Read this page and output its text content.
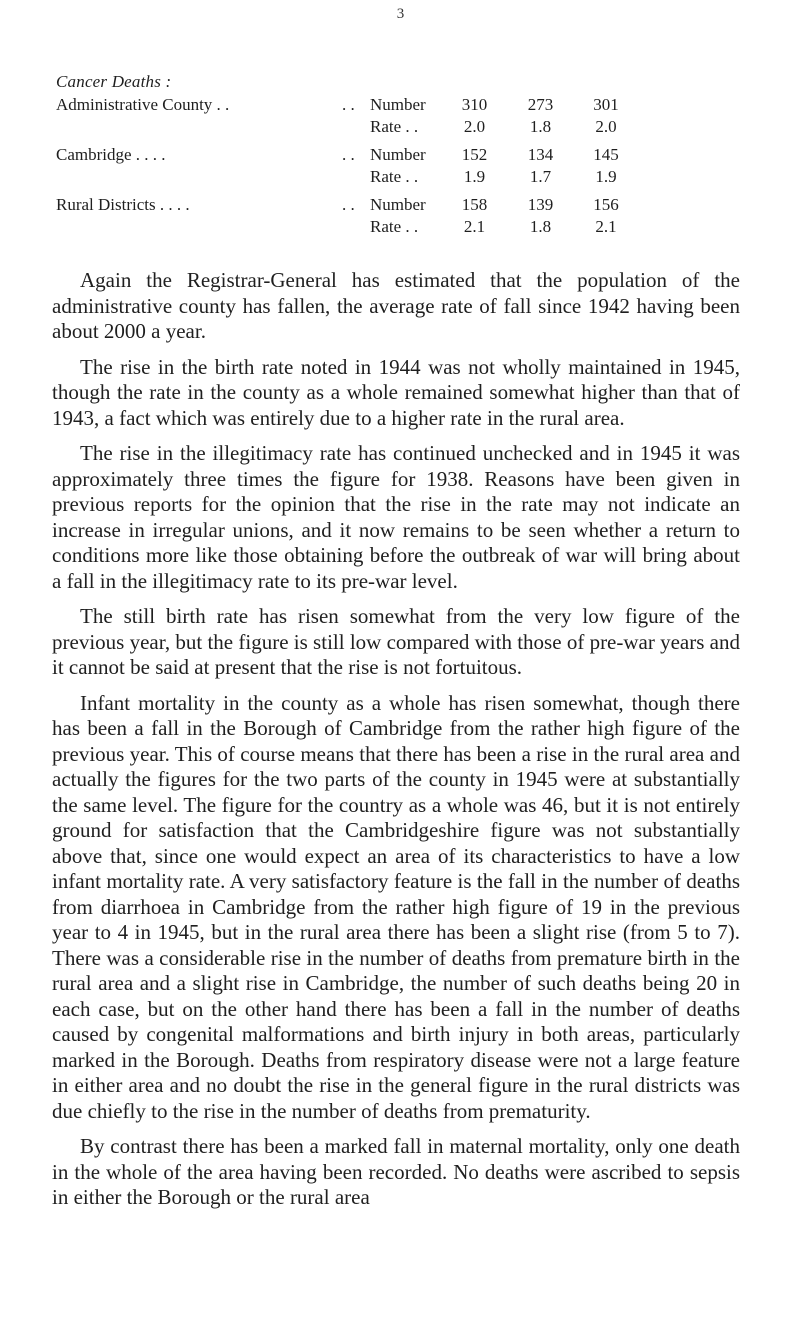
3
Cancer Deaths :
Administrative County . .	. .	Number	310	273	301
		Rate . .	2.0	1.8	2.0

Cambridge . . . .	. .	Number	152	134	145
		Rate . .	1.9	1.7	1.9

Rural Districts . . . .	. .	Number	158	139	156
		Rate . .	2.1	1.8	2.1

Again the Registrar-General has estimated that the population of the administrative county has fallen, the average rate of fall since 1942 having been about 2000 a year.

The rise in the birth rate noted in 1944 was not wholly maintained in 1945, though the rate in the county as a whole remained somewhat higher than that of 1943, a fact which was entirely due to a higher rate in the rural area.

The rise in the illegitimacy rate has continued unchecked and in 1945 it was approximately three times the figure for 1938. Reasons have been given in previous reports for the opinion that the rise in the rate may not indicate an increase in irregular unions, and it now remains to be seen whether a return to conditions more like those obtaining before the outbreak of war will bring about a fall in the illegitimacy rate to its pre-war level.

The still birth rate has risen somewhat from the very low figure of the previous year, but the figure is still low compared with those of pre-war years and it cannot be said at present that the rise is not fortuitous.

Infant mortality in the county as a whole has risen somewhat, though there has been a fall in the Borough of Cambridge from the rather high figure of the previous year. This of course means that there has been a rise in the rural area and actually the figures for the two parts of the county in 1945 were at substantially the same level. The figure for the country as a whole was 46, but it is not entirely ground for satisfaction that the Cambridgeshire figure was not substantially above that, since one would expect an area of its characteristics to have a low infant mortality rate. A very satisfactory feature is the fall in the number of deaths from diarrhoea in Cambridge from the rather high figure of 19 in the previous year to 4 in 1945, but in the rural area there has been a slight rise (from 5 to 7). There was a considerable rise in the number of deaths from premature birth in the rural area and a slight rise in Cambridge, the number of such deaths being 20 in each case, but on the other hand there has been a fall in the number of deaths caused by congenital malformations and birth injury in both areas, particularly marked in the Borough. Deaths from respiratory disease were not a large feature in either area and no doubt the rise in the general figure in the rural districts was due chiefly to the rise in the number of deaths from prematurity.

By contrast there has been a marked fall in maternal mortality, only one death in the whole of the area having been recorded. No deaths were ascribed to sepsis in either the Borough or the rural area
